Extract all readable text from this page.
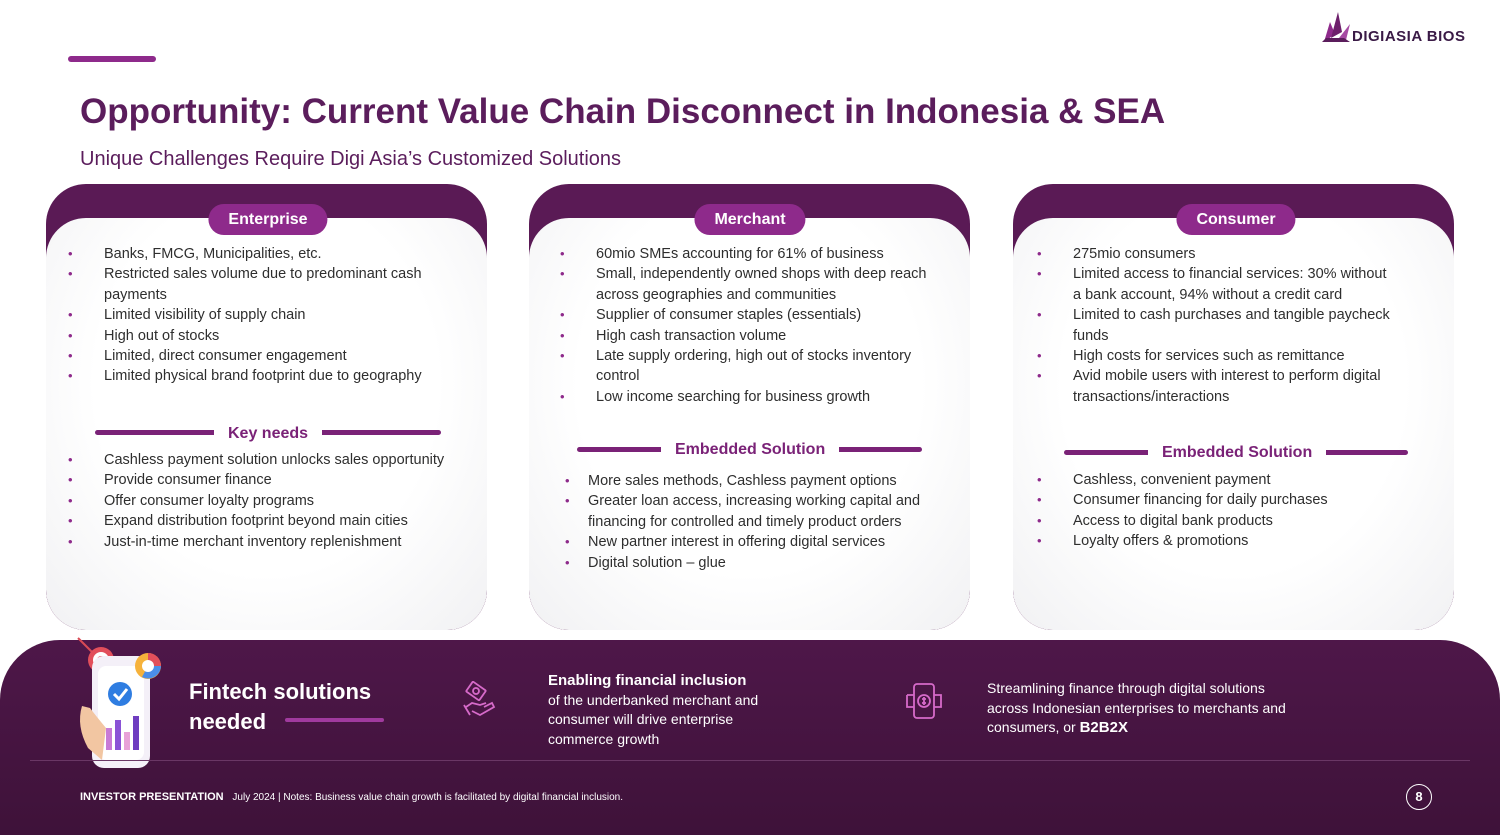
DIGIASIA BIOS
Opportunity: Current Value Chain Disconnect in Indonesia & SEA
Unique Challenges Require Digi Asia’s Customized Solutions
Enterprise
• Banks, FMCG, Municipalities, etc.
• Restricted sales volume due to predominant cash payments
• Limited visibility of supply chain
• High out of stocks
• Limited, direct consumer engagement
• Limited physical brand footprint due to geography
Key needs
• Cashless payment solution unlocks sales opportunity
• Provide consumer finance
• Offer consumer loyalty programs
• Expand distribution footprint beyond main cities
• Just-in-time merchant inventory replenishment
Merchant
• 60mio SMEs accounting for 61% of business
• Small, independently owned shops with deep reach across geographies and communities
• Supplier of consumer staples (essentials)
• High cash transaction volume
• Late supply ordering, high out of stocks inventory control
• Low income searching for business growth
Embedded Solution
• More sales methods, Cashless payment options
• Greater loan access, increasing working capital and financing for controlled and timely product orders
• New partner interest in offering digital services
• Digital solution – glue
Consumer
• 275mio consumers
• Limited access to financial services: 30% without a bank account, 94% without a credit card
• Limited to cash purchases and tangible paycheck funds
• High costs for services such as remittance
• Avid mobile users with interest to perform digital transactions/interactions
Embedded Solution
• Cashless, convenient payment
• Consumer financing for daily purchases
• Access to digital bank products
• Loyalty offers & promotions
Fintech solutions needed
Enabling financial inclusion
of the underbanked merchant and consumer will drive enterprise commerce growth
Streamlining finance through digital solutions across Indonesian enterprises to merchants and consumers, or B2B2X
INVESTOR PRESENTATION July 2024 | Notes: Business value chain growth is facilitated by digital financial inclusion.	8
